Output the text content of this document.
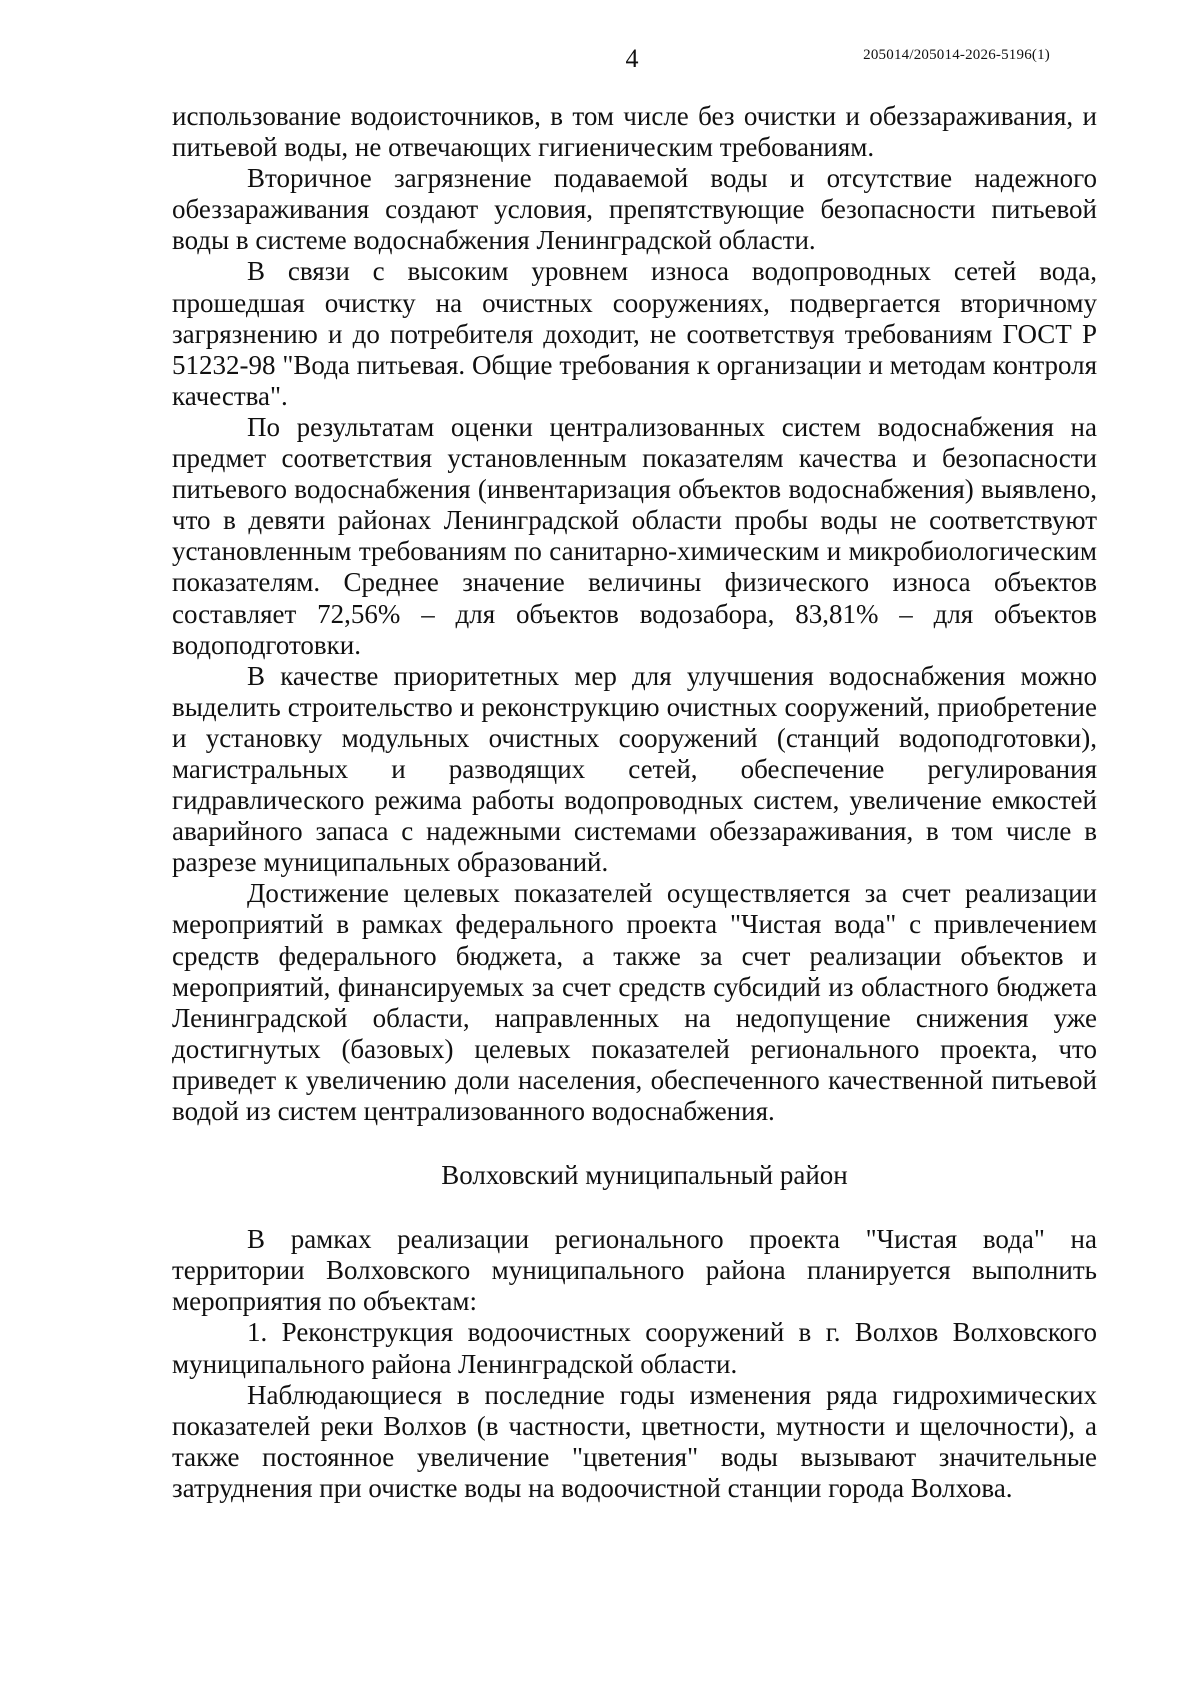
4	205014/205014-2026-5196(1)

использование водоисточников, в том числе без очистки и обеззараживания, и питьевой воды, не отвечающих гигиеническим требованиям.

Вторичное загрязнение подаваемой воды и отсутствие надежного обеззараживания создают условия, препятствующие безопасности питьевой воды в системе водоснабжения Ленинградской области.

В связи с высоким уровнем износа водопроводных сетей вода, прошедшая очистку на очистных сооружениях, подвергается вторичному загрязнению и до потребителя доходит, не соответствуя требованиям ГОСТ Р 51232-98 "Вода питьевая. Общие требования к организации и методам контроля качества".

По результатам оценки централизованных систем водоснабжения на предмет соответствия установленным показателям качества и безопасности питьевого водоснабжения (инвентаризация объектов водоснабжения) выявлено, что в девяти районах Ленинградской области пробы воды не соответствуют установленным требованиям по санитарно-химическим и микробиологическим показателям. Среднее значение величины физического износа объектов составляет 72,56% – для объектов водозабора, 83,81% – для объектов водоподготовки.

В качестве приоритетных мер для улучшения водоснабжения можно выделить строительство и реконструкцию очистных сооружений, приобретение и установку модульных очистных сооружений (станций водоподготовки), магистральных и разводящих сетей, обеспечение регулирования гидравлического режима работы водопроводных систем, увеличение емкостей аварийного запаса с надежными системами обеззараживания, в том числе в разрезе муниципальных образований.

Достижение целевых показателей осуществляется за счет реализации мероприятий в рамках федерального проекта "Чистая вода" с привлечением средств федерального бюджета, а также за счет реализации объектов и мероприятий, финансируемых за счет средств субсидий из областного бюджета Ленинградской области, направленных на недопущение снижения уже достигнутых (базовых) целевых показателей регионального проекта, что приведет к увеличению доли населения, обеспеченного качественной питьевой водой из систем централизованного водоснабжения.

Волховский муниципальный район

В рамках реализации регионального проекта "Чистая вода" на территории Волховского муниципального района планируется выполнить мероприятия по объектам:

1. Реконструкция водоочистных сооружений в г. Волхов Волховского муниципального района Ленинградской области.

Наблюдающиеся в последние годы изменения ряда гидрохимических показателей реки Волхов (в частности, цветности, мутности и щелочности), а также постоянное увеличение "цветения" воды вызывают значительные затруднения при очистке воды на водоочистной станции города Волхова.
